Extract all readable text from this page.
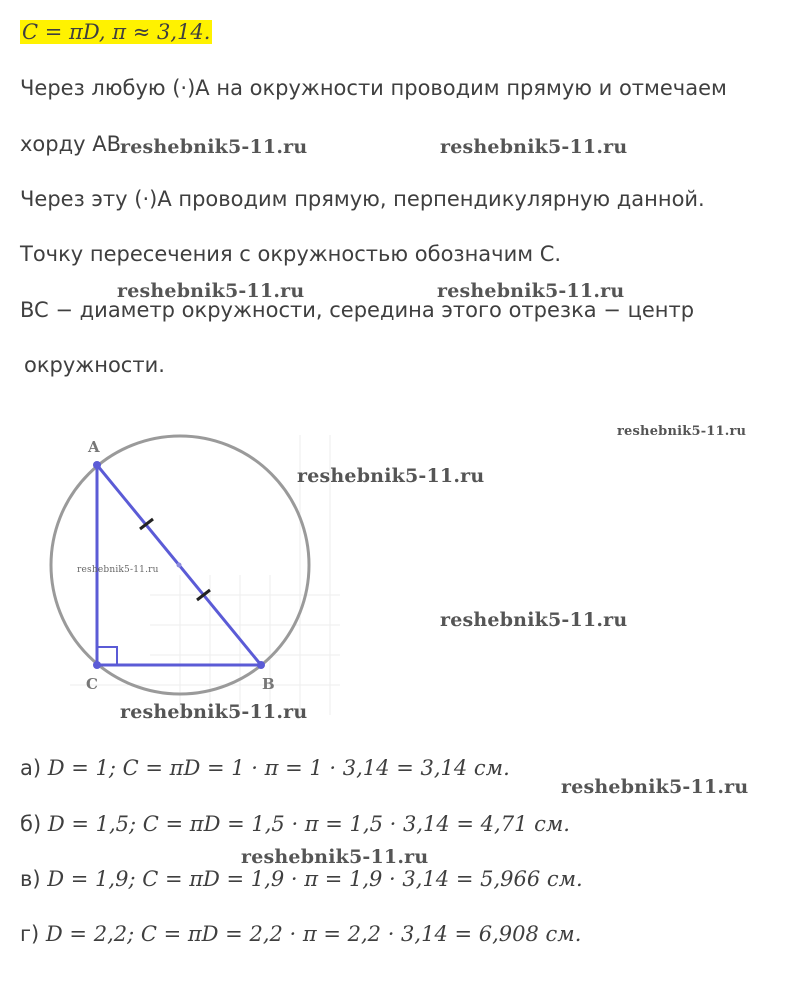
C = πD, π ≈ 3,14.
Через любую (·)A на окружности проводим прямую и отмечаем
хорду AB.
Через эту (·)A проводим прямую, перпендикулярную данной.
Точку пересечения с окружностью обозначим C.
BC − диаметр окружности, середина этого отрезка − центр
окружности.
A
B
C
а) D = 1; C = πD = 1 · π = 1 · 3,14 = 3,14 см.
б) D = 1,5; C = πD = 1,5 · π = 1,5 · 3,14 = 4,71 см.
в) D = 1,9; C = πD = 1,9 · π = 1,9 · 3,14 = 5,966 см.
г) D = 2,2; C = πD = 2,2 · π = 2,2 · 3,14 = 6,908 см.
reshebnik5-11.ru	reshebnik5-11.ru
reshebnik5-11.ru	reshebnik5-11.ru
reshebnik5-11.ru
reshebnik5-11.ru
reshebnik5-11.ru
reshebnik5-11.ru
reshebnik5-11.ru
reshebnik5-11.ru
reshebnik5-11.ru
